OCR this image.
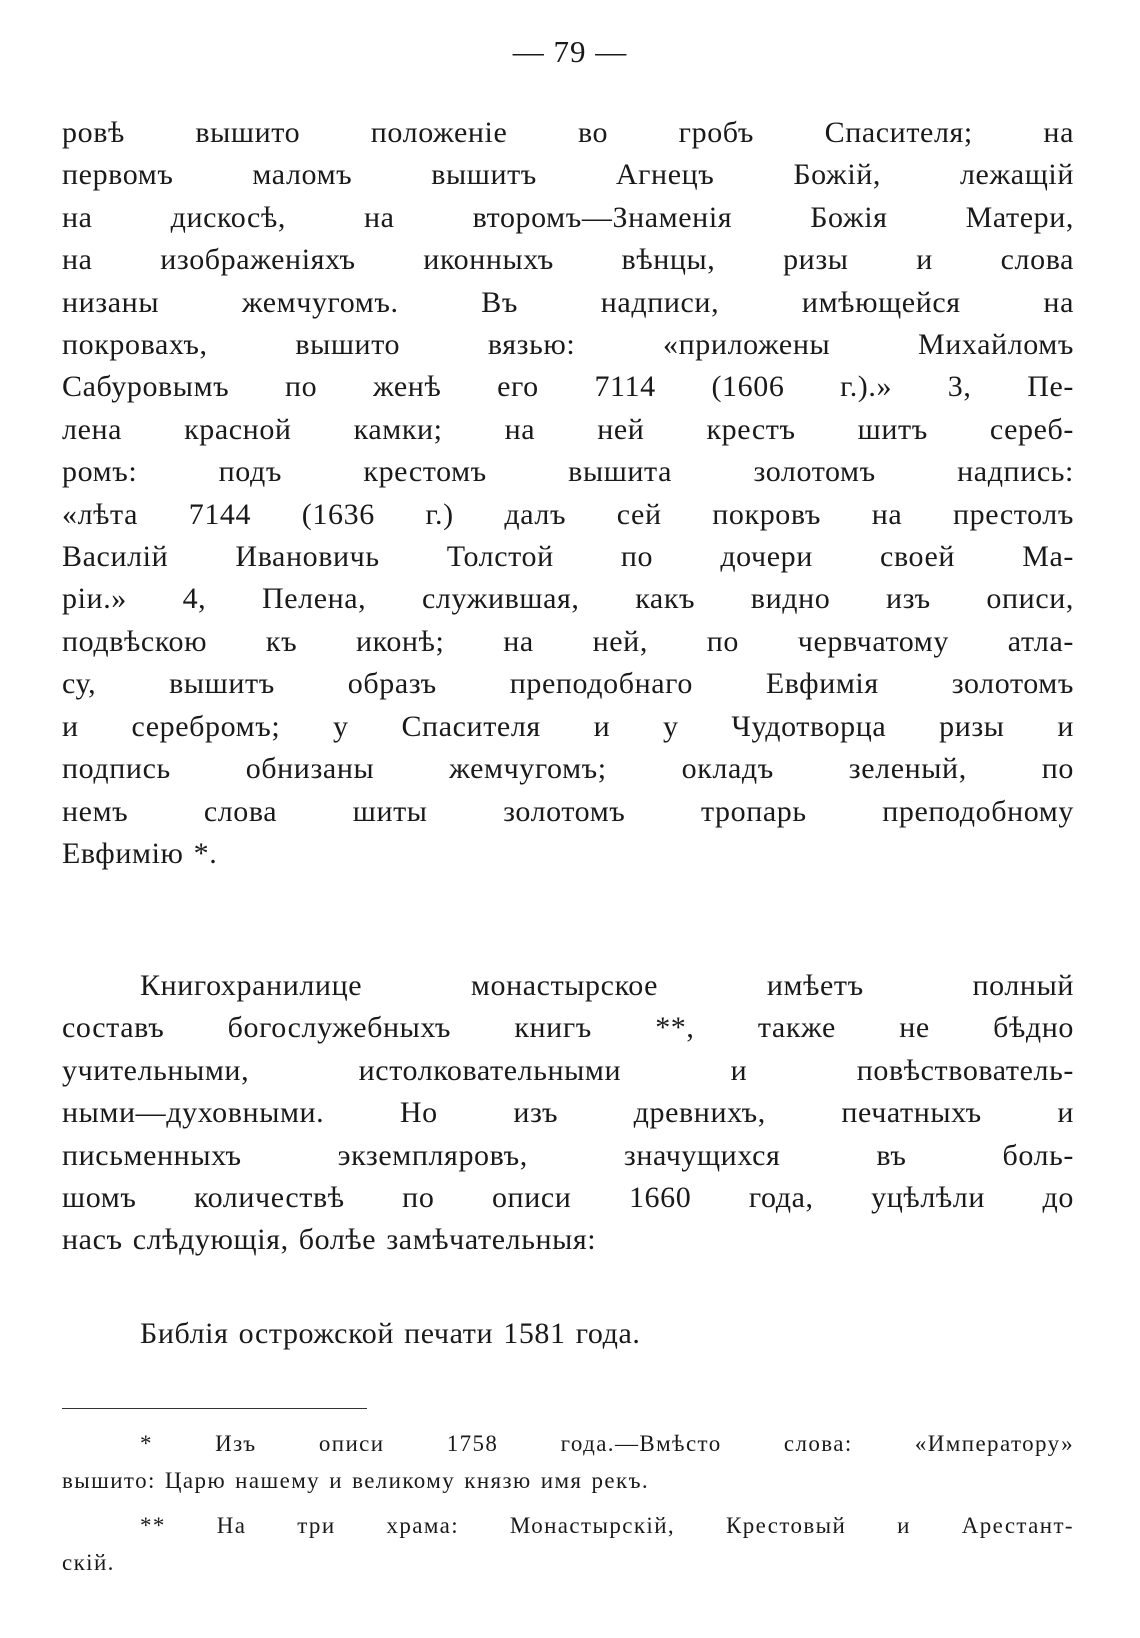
— 79 —
ровѣ вышито положеніе во гробъ Спасителя; на
первомъ маломъ вышитъ Агнецъ Божій, лежащій
на дискосѣ, на второмъ—Знаменія Божія Матери,
на изображеніяхъ иконныхъ вѣнцы, ризы и слова
низаны жемчугомъ. Въ надписи, имѣющейся на
покровахъ, вышито вязью: «приложены Михайломъ
Сабуровымъ по женѣ его 7114 (1606 г.).» 3, Пе-
лена красной камки; на ней крестъ шитъ сереб-
ромъ: подъ крестомъ вышита золотомъ надпись:
«лѣта 7144 (1636 г.) далъ сей покровъ на престолъ
Василій Ивановичь Толстой по дочери своей Ма-
ріи.» 4, Пелена, служившая, какъ видно изъ описи,
подвѣскою къ иконѣ; на ней, по червчатому атла-
су, вышитъ образъ преподобнаго Евфимія золотомъ
и серебромъ; у Спасителя и у Чудотворца ризы и
подпись обнизаны жемчугомъ; окладъ зеленый, по
немъ слова шиты золотомъ тропарь преподобному
Евфимію *.
Книгохранилице монастырское имѣетъ полный
составъ богослужебныхъ книгъ **, также не бѣдно
учительными, истолковательными и повѣствователь-
ными—духовными. Но изъ древнихъ, печатныхъ и
письменныхъ экземпляровъ, значущихся въ боль-
шомъ количествѣ по описи 1660 года, уцѣлѣли до
насъ слѣдующія, болѣе замѣчательныя:
Библія острожской печати 1581 года.
* Изъ описи 1758 года.—Вмѣсто слова: «Императору»
вышито: Царю нашему и великому князю имя рекъ.
** На три храма: Монастырскій, Крестовый и Арестант-
скій.
